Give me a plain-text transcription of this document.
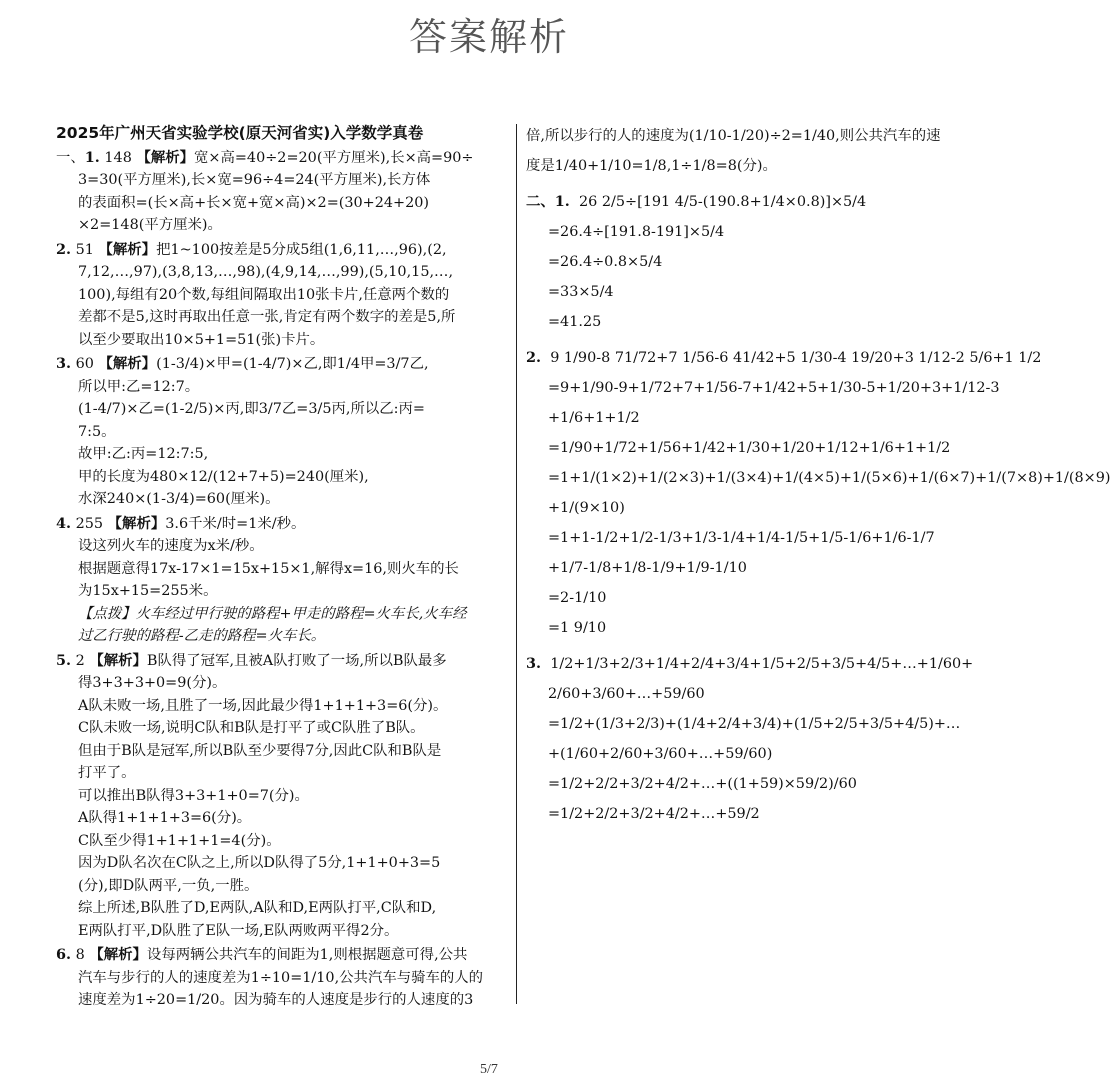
答案解析
2025年广州天省实验学校(原天河省实)入学数学真卷
一、1. 148 【解析】宽×高=40÷2=20(平方厘米),长×高=90÷
3=30(平方厘米),长×宽=96÷4=24(平方厘米),长方体
的表面积=(长×高+长×宽+宽×高)×2=(30+24+20)
×2=148(平方厘米)。
2. 51 【解析】把1~100按差是5分成5组(1,6,11,…,96),(2,
7,12,…,97),(3,8,13,…,98),(4,9,14,…,99),(5,10,15,…,
100),每组有20个数,每组间隔取出10张卡片,任意两个数的
差都不是5,这时再取出任意一张,肯定有两个数字的差是5,所
以至少要取出10×5+1=51(张)卡片。
3. 60 【解析】(1-3/4)×甲=(1-4/7)×乙,即1/4甲=3/7乙,
所以甲:乙=12:7。
(1-4/7)×乙=(1-2/5)×丙,即3/7乙=3/5丙,所以乙:丙=
7:5。
故甲:乙:丙=12:7:5,
甲的长度为480×12/(12+7+5)=240(厘米),
水深240×(1-3/4)=60(厘米)。
4. 255 【解析】3.6千米/时=1米/秒。
设这列火车的速度为x米/秒。
根据题意得17x-17×1=15x+15×1,解得x=16,则火车的长
为15x+15=255米。
【点拨】火车经过甲行驶的路程+甲走的路程=火车长,火车经
过乙行驶的路程-乙走的路程=火车长。
5. 2 【解析】B队得了冠军,且被A队打败了一场,所以B队最多
得3+3+3+0=9(分)。
A队未败一场,且胜了一场,因此最少得1+1+1+3=6(分)。
C队未败一场,说明C队和B队是打平了或C队胜了B队。
但由于B队是冠军,所以B队至少要得7分,因此C队和B队是
打平了。
可以推出B队得3+3+1+0=7(分)。
A队得1+1+1+3=6(分)。
C队至少得1+1+1+1=4(分)。
因为D队名次在C队之上,所以D队得了5分,1+1+0+3=5
(分),即D队两平,一负,一胜。
综上所述,B队胜了D,E两队,A队和D,E两队打平,C队和D,
E两队打平,D队胜了E队一场,E队两败两平得2分。
6. 8 【解析】设每两辆公共汽车的间距为1,则根据题意可得,公共
汽车与步行的人的速度差为1÷10=1/10,公共汽车与骑车的人的
速度差为1÷20=1/20。因为骑车的人速度是步行的人速度的3
倍,所以步行的人的速度为(1/10-1/20)÷2=1/40,则公共汽车的速
度是1/40+1/10=1/8,1÷1/8=8(分)。
二、1. 26 2/5÷[191 4/5-(190.8+1/4×0.8)]×5/4
=26.4÷[191.8-191]×5/4
=26.4÷0.8×5/4
=33×5/4
=41.25
2. 9 1/90-8 71/72+7 1/56-6 41/42+5 1/30-4 19/20+3 1/12-2 5/6+1 1/2
=9+1/90-9+1/72+7+1/56-7+1/42+5+1/30-5+1/20+3+1/12-3
+1/6+1+1/2
=1/90+1/72+1/56+1/42+1/30+1/20+1/12+1/6+1+1/2
=1+1/(1×2)+1/(2×3)+1/(3×4)+1/(4×5)+1/(5×6)+1/(6×7)+1/(7×8)+1/(8×9)
+1/(9×10)
=1+1-1/2+1/2-1/3+1/3-1/4+1/4-1/5+1/5-1/6+1/6-1/7
+1/7-1/8+1/8-1/9+1/9-1/10
=2-1/10
=1 9/10
3. 1/2+1/3+2/3+1/4+2/4+3/4+1/5+2/5+3/5+4/5+…+1/60+
2/60+3/60+…+59/60
=1/2+(1/3+2/3)+(1/4+2/4+3/4)+(1/5+2/5+3/5+4/5)+…
+(1/60+2/60+3/60+…+59/60)
=1/2+2/2+3/2+4/2+…+((1+59)×59/2)/60
=1/2+2/2+3/2+4/2+…+59/2
5/7
